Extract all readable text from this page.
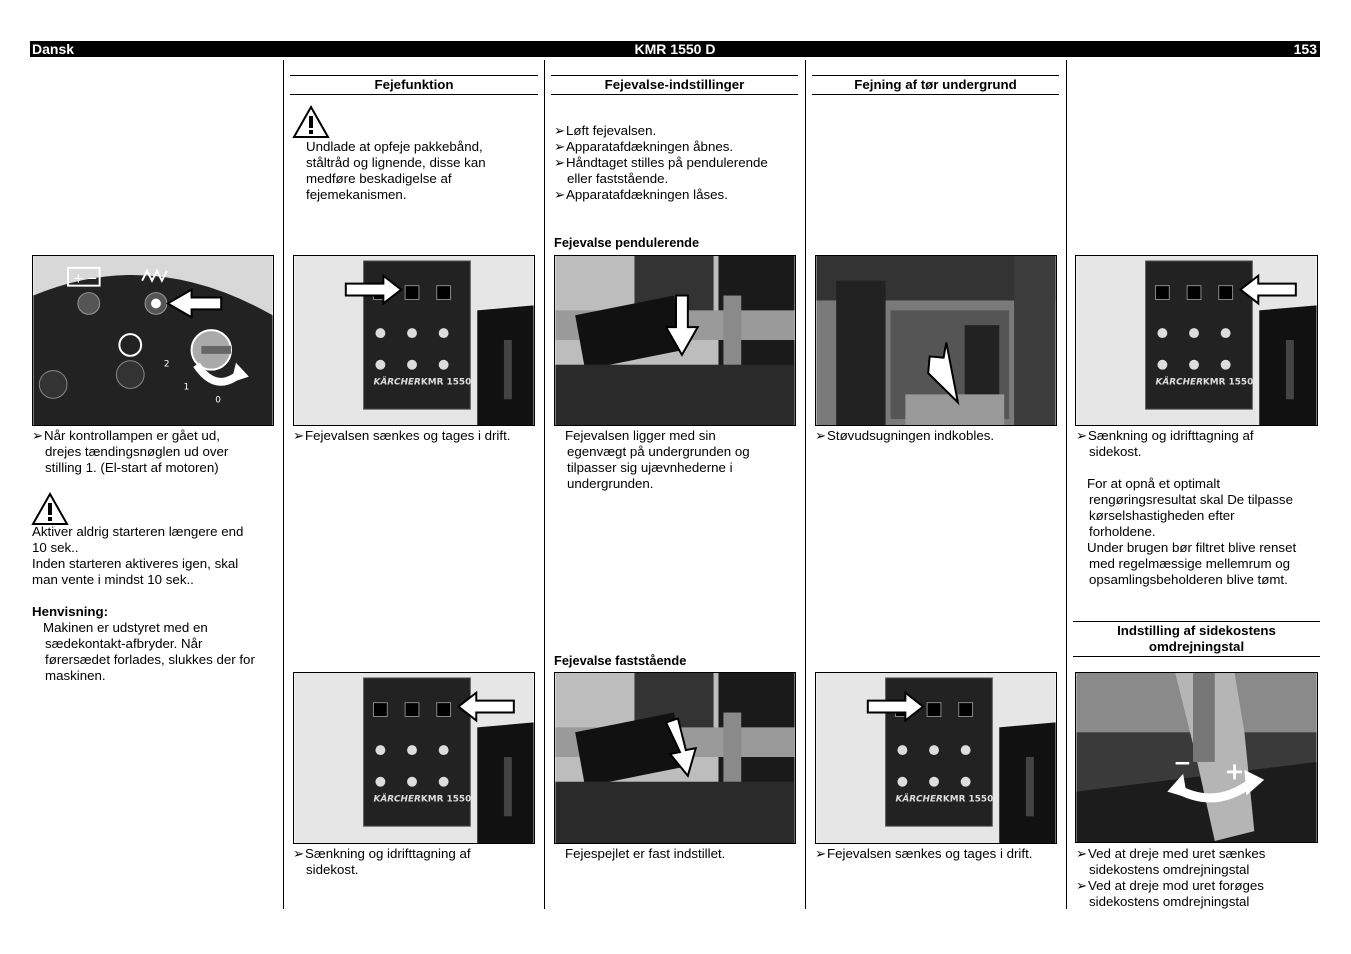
Dansk	KMR 1550 D	153
+ −
2
1
0
➢ Når kontrollampen er gået ud,
drejes tændingsnøglen ud over
stilling 1. (El-start af motoren)
Aktiver aldrig starteren længere end
10 sek..
Inden starteren aktiveres igen, skal
man vente i mindst 10 sek..
Henvisning:
Makinen er udstyret med en
sædekontakt-afbryder. Når
førersædet forlades, slukkes der for
maskinen.
Fejefunktion
Undlade at opfeje pakkebånd,
ståltråd og lignende, disse kan
medføre beskadigelse af
fejemekanismen.
KÄRCHER KMR 1550
➢ Fejevalsen sænkes og tages i drift.
KÄRCHER KMR 1550
➢ Sænkning og idrifttagning af
sidekost.
Fejevalse-indstillinger
➢ Løft fejevalsen.
➢ Apparatafdækningen åbnes.
➢ Håndtaget stilles på pendulerende
eller faststående.
➢ Apparatafdækningen låses.
Fejevalse pendulerende
Fejevalsen ligger med sin
egenvægt på undergrunden og
tilpasser sig ujævnhederne i
undergrunden.
Fejevalse faststående
Fejespejlet er fast indstillet.
Fejning af tør undergrund
➢ Støvudsugningen indkobles.
KÄRCHER KMR 1550
➢ Fejevalsen sænkes og tages i drift.
KÄRCHER KMR 1550
➢ Sænkning og idrifttagning af
sidekost.
For at opnå et optimalt
rengøringsresultat skal De tilpasse
kørselshastigheden efter
forholdene.
Under brugen bør filtret blive renset
med regelmæssige mellemrum og
opsamlingsbeholderen blive tømt.
Indstilling af sidekostens
omdrejningstal
− +
➢ Ved at dreje med uret sænkes
sidekostens omdrejningstal
➢ Ved at dreje mod uret forøges
sidekostens omdrejningstal
